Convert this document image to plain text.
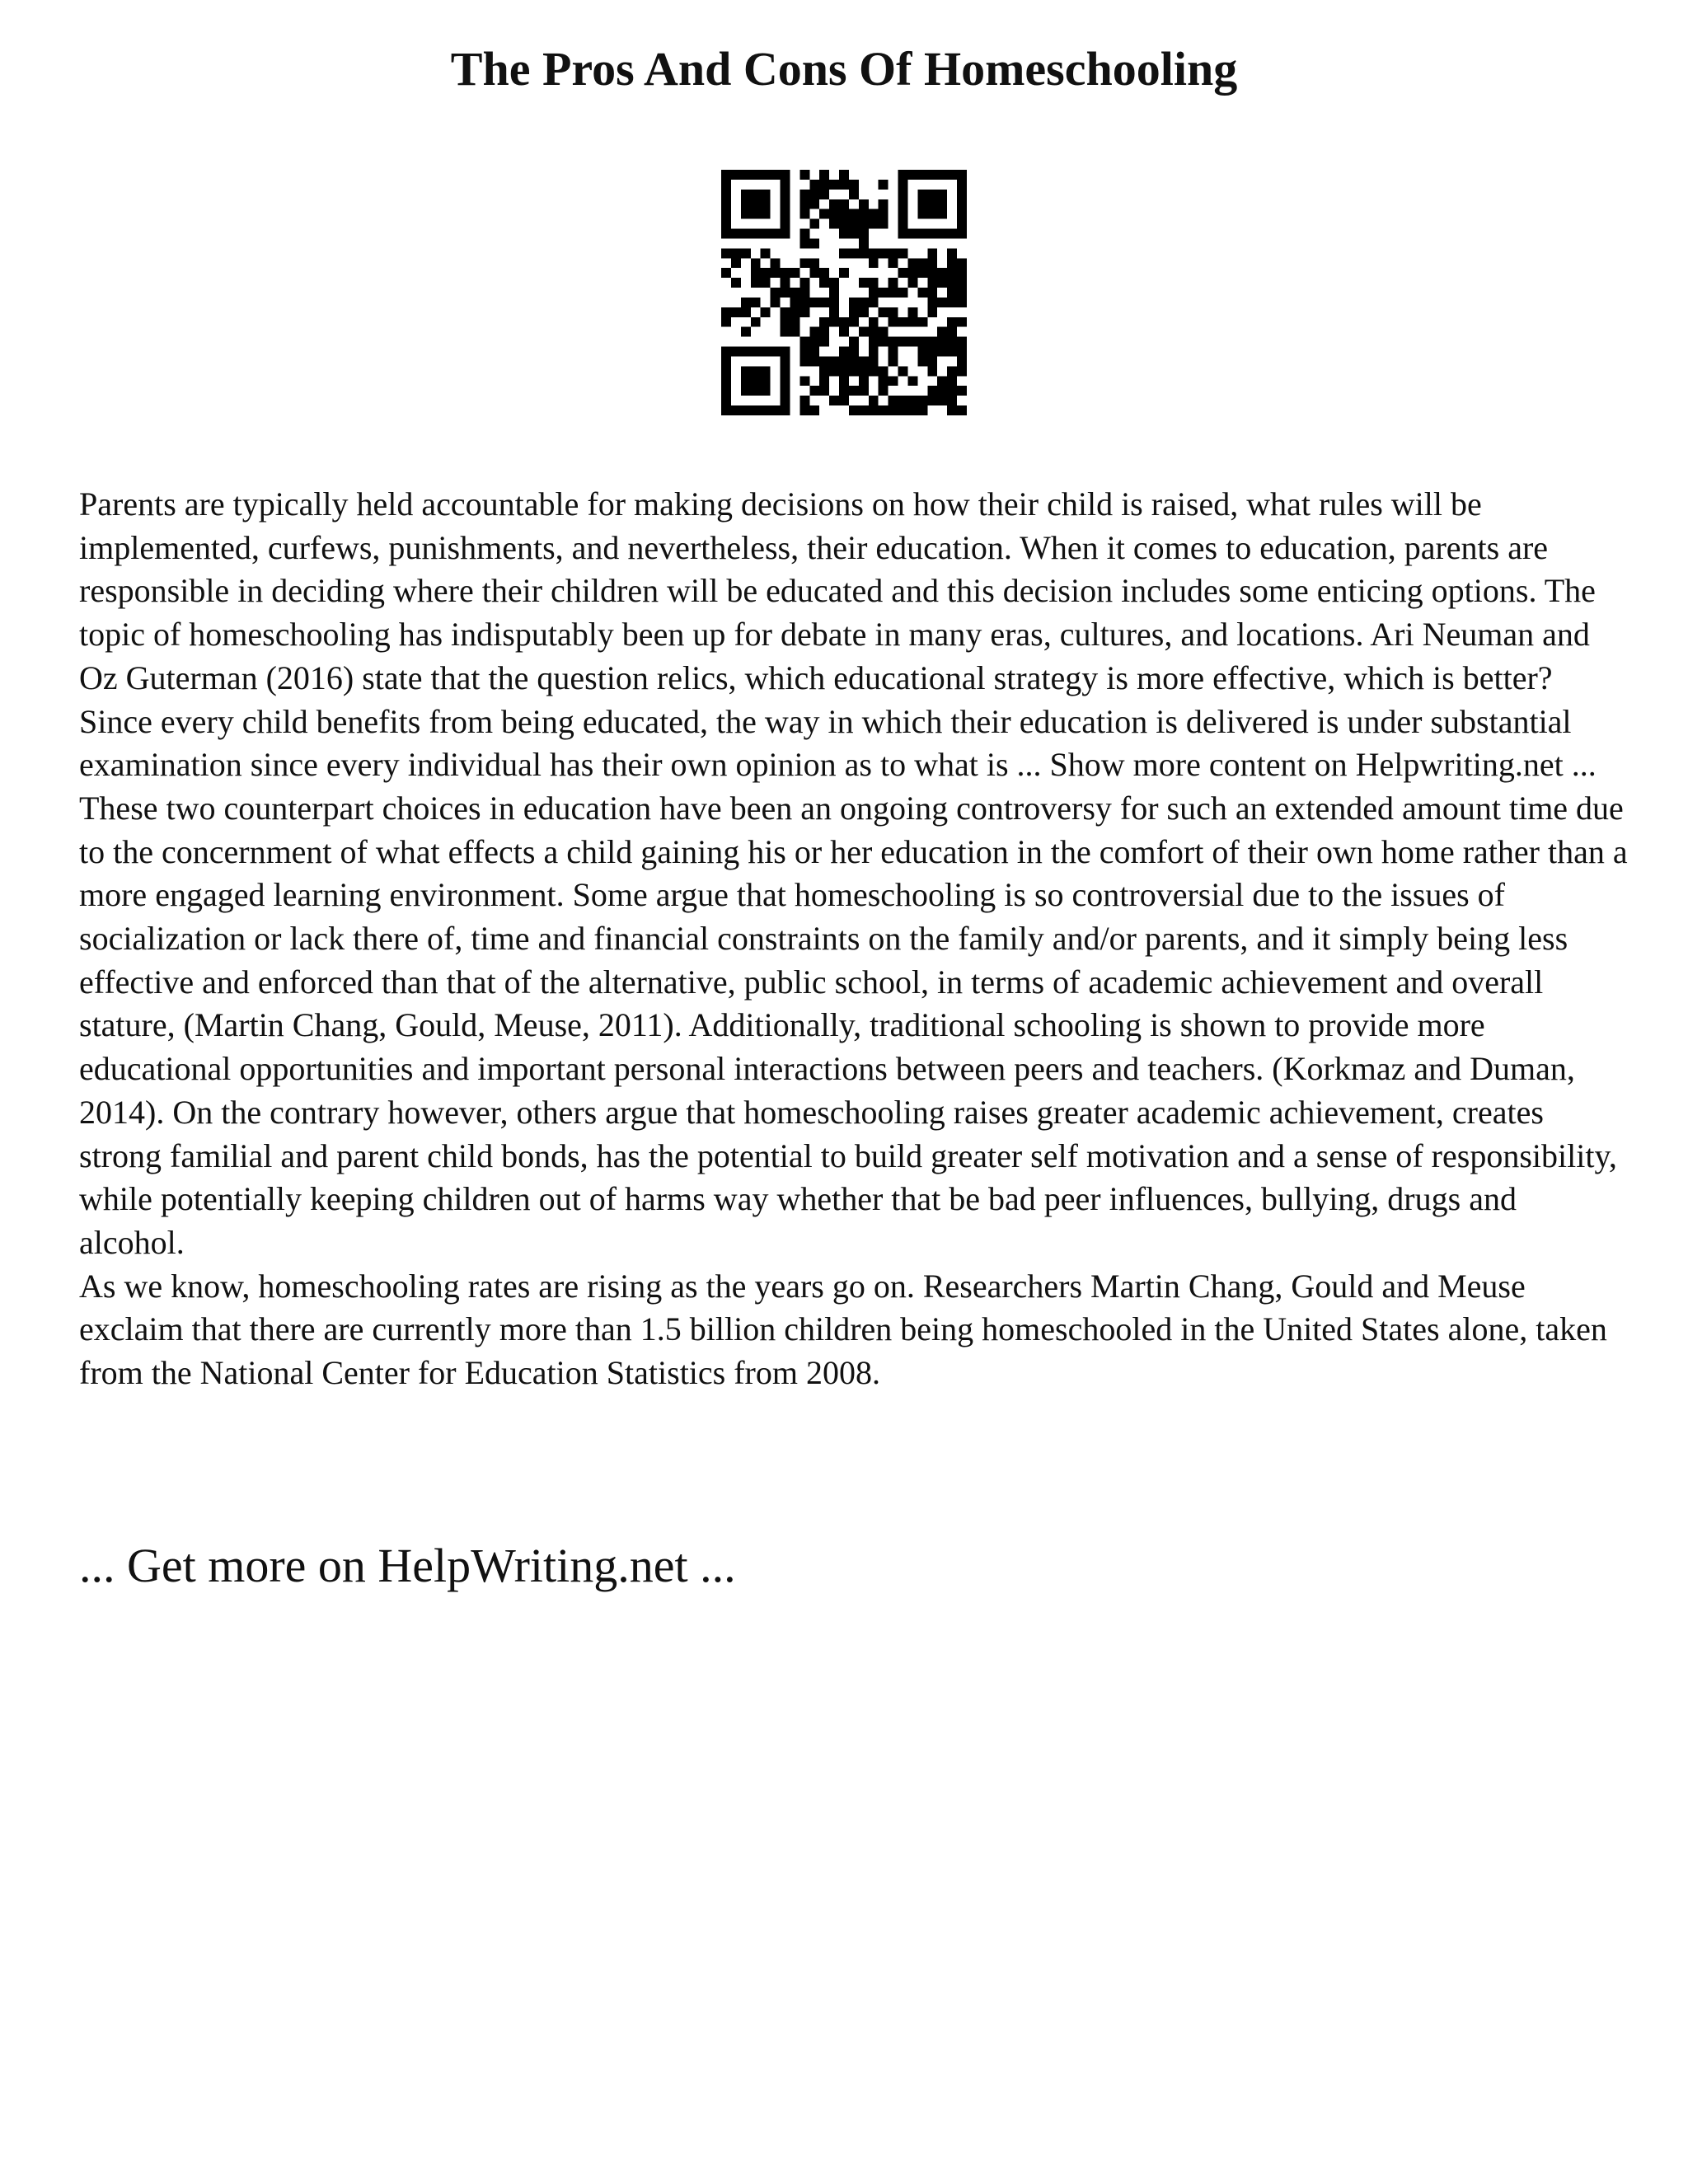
The Pros And Cons Of Homeschooling

Parents are typically held accountable for making decisions on how their child is raised, what rules will be implemented, curfews, punishments, and nevertheless, their education. When it comes to education, parents are responsible in deciding where their children will be educated and this decision includes some enticing options. The topic of homeschooling has indisputably been up for debate in many eras, cultures, and locations. Ari Neuman and Oz Guterman (2016) state that the question relics, which educational strategy is more effective, which is better? Since every child benefits from being educated, the way in which their education is delivered is under substantial examination since every individual has their own opinion as to what is ... Show more content on Helpwriting.net ...

These two counterpart choices in education have been an ongoing controversy for such an extended amount time due to the concernment of what effects a child gaining his or her education in the comfort of their own home rather than a more engaged learning environment. Some argue that homeschooling is so controversial due to the issues of socialization or lack there of, time and financial constraints on the family and/or parents, and it simply being less effective and enforced than that of the alternative, public school, in terms of academic achievement and overall stature, (Martin Chang, Gould, Meuse, 2011). Additionally, traditional schooling is shown to provide more educational opportunities and important personal interactions between peers and teachers. (Korkmaz and Duman, 2014). On the contrary however, others argue that homeschooling raises greater academic achievement, creates strong familial and parent child bonds, has the potential to build greater self motivation and a sense of responsibility, while potentially keeping children out of harms way whether that be bad peer influences, bullying, drugs and alcohol.

As we know, homeschooling rates are rising as the years go on. Researchers Martin Chang, Gould and Meuse exclaim that there are currently more than 1.5 billion children being homeschooled in the United States alone, taken from the National Center for Education Statistics from 2008.

... Get more on HelpWriting.net ...
